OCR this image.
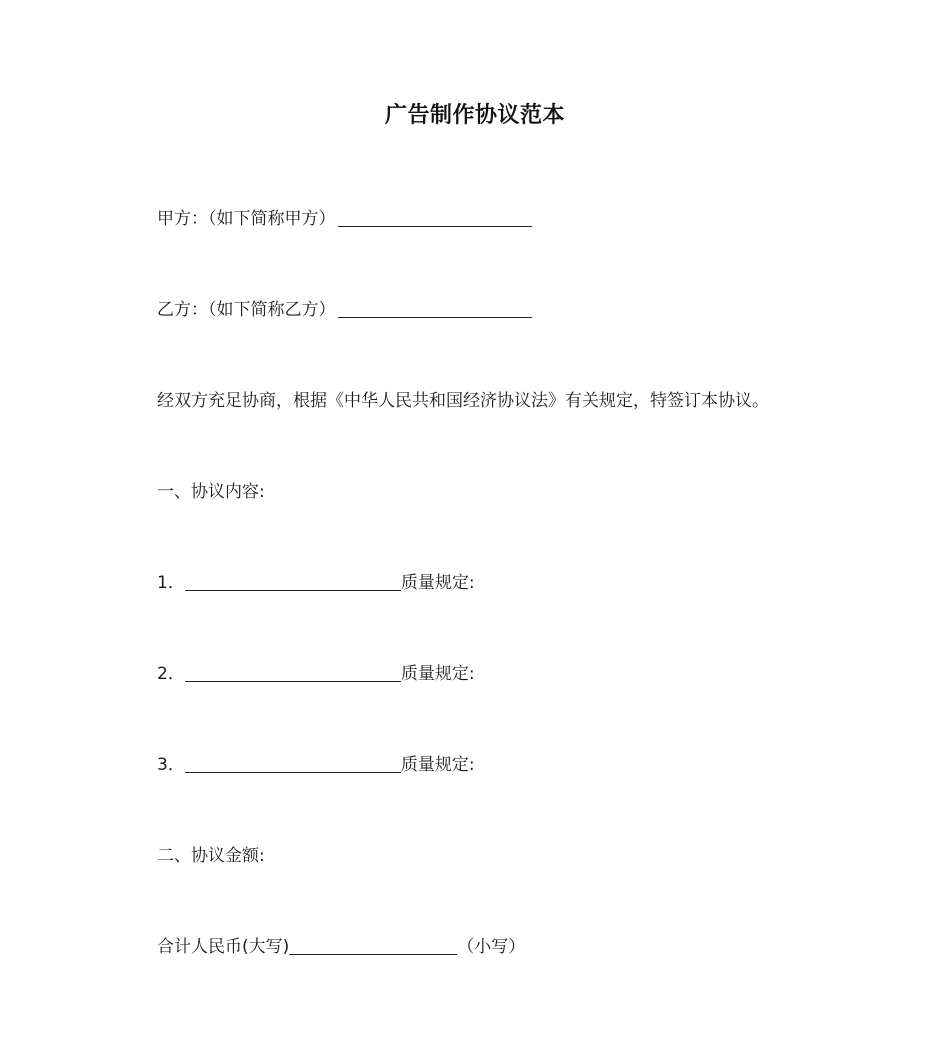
广告制作协议范本
甲方：（如下简称甲方）
乙方：（如下简称乙方）
经双方充足协商，根据《中华人民共和国经济协议法》有关规定，特签订本协议。
一、协议内容:
1．	质量规定:
2．	质量规定:
3．	质量规定:
二、协议金额:
合计人民币(大写)	（小写）
